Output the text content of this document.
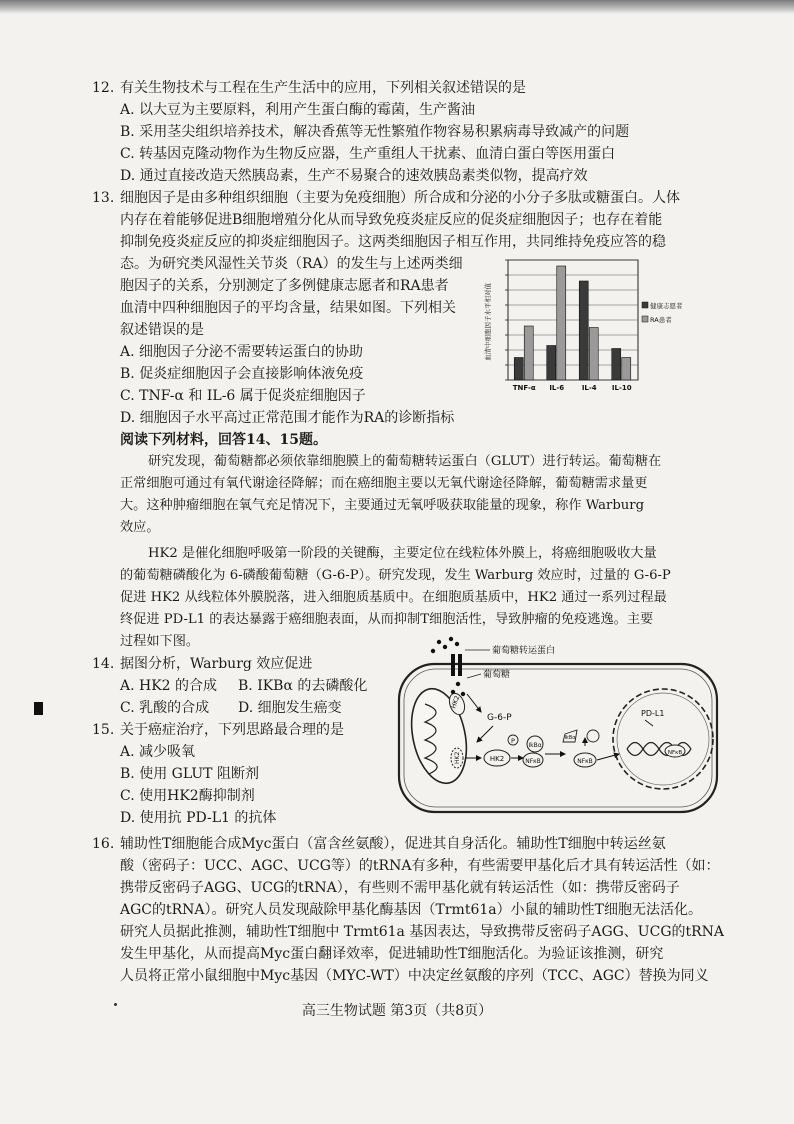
12. 有关生物技术与工程在生产生活中的应用，下列相关叙述错误的是
A. 以大豆为主要原料，利用产生蛋白酶的霉菌，生产酱油
B. 采用茎尖组织培养技术，解决香蕉等无性繁殖作物容易积累病毒导致减产的问题
C. 转基因克隆动物作为生物反应器，生产重组人干扰素、血清白蛋白等医用蛋白
D. 通过直接改造天然胰岛素，生产不易聚合的速效胰岛素类似物，提高疗效
13. 细胞因子是由多种组织细胞（主要为免疫细胞）所合成和分泌的小分子多肽或糖蛋白。人体
内存在着能够促进B细胞增殖分化从而导致免疫炎症反应的促炎症细胞因子；也存在着能
抑制免疫炎症反应的抑炎症细胞因子。这两类细胞因子相互作用，共同维持免疫应答的稳
态。为研究类风湿性关节炎（RA）的发生与上述两类细
胞因子的关系，分别测定了多例健康志愿者和RA患者
血清中四种细胞因子的平均含量，结果如图。下列相关
叙述错误的是
A. 细胞因子分泌不需要转运蛋白的协助
B. 促炎症细胞因子会直接影响体液免疫
C. TNF-α 和 IL-6 属于促炎症细胞因子
D. 细胞因子水平高过正常范围才能作为RA的诊断指标
血清中细胞因子水平相对值
TNF-α IL-6	IL-4 IL-10
健康志愿者
RA患者
阅读下列材料，回答14、15题。
研究发现，葡萄糖都必须依靠细胞膜上的葡萄糖转运蛋白（GLUT）进行转运。葡萄糖在
正常细胞可通过有氧代谢途径降解；而在癌细胞主要以无氧代谢途径降解，葡萄糖需求量更
大。这种肿瘤细胞在氧气充足情况下，主要通过无氧呼吸获取能量的现象，称作 Warburg
效应。
HK2 是催化细胞呼吸第一阶段的关键酶，主要定位在线粒体外膜上，将癌细胞吸收大量
的葡萄糖磷酸化为 6-磷酸葡萄糖（G-6-P）。研究发现，发生 Warburg 效应时，过量的 G-6-P
促进 HK2 从线粒体外膜脱落，进入细胞质基质中。在细胞质基质中，HK2 通过一系列过程最
终促进 PD-L1 的表达暴露于癌细胞表面，从而抑制T细胞活性，导致肿瘤的免疫逃逸。主要
过程如下图。
14. 据图分析，Warburg 效应促进
A. HK2 的合成 B. IKBα 的去磷酸化
C. 乳酸的合成 D. 细胞发生癌变
15. 关于癌症治疗，下列思路最合理的是
A. 减少吸氧
B. 使用 GLUT 阻断剂
C. 使用HK2酶抑制剂
D. 使用抗 PD-L1 的抗体
葡萄糖转运蛋白
葡萄糖
HK2
HK2
G-6-P
HK2
P
IkBα
NFκB	NFκB
IkBα
PD-L1
NFκB
16. 辅助性T细胞能合成Myc蛋白（富含丝氨酸），促进其自身活化。辅助性T细胞中转运丝氨
酸（密码子：UCC、AGC、UCG等）的tRNA有多种，有些需要甲基化后才具有转运活性（如：
携带反密码子AGG、UCG的tRNA），有些则不需甲基化就有转运活性（如：携带反密码子
AGC的tRNA）。研究人员发现敲除甲基化酶基因（Trmt61a）小鼠的辅助性T细胞无法活化。
研究人员据此推测，辅助性T细胞中 Trmt61a 基因表达，导致携带反密码子AGG、UCG的tRNA
发生甲基化，从而提高Myc蛋白翻译效率，促进辅助性T细胞活化。为验证该推测，研究
人员将正常小鼠细胞中Myc基因（MYC-WT）中决定丝氨酸的序列（TCC、AGC）替换为同义
高三生物试题 第3页（共8页）
